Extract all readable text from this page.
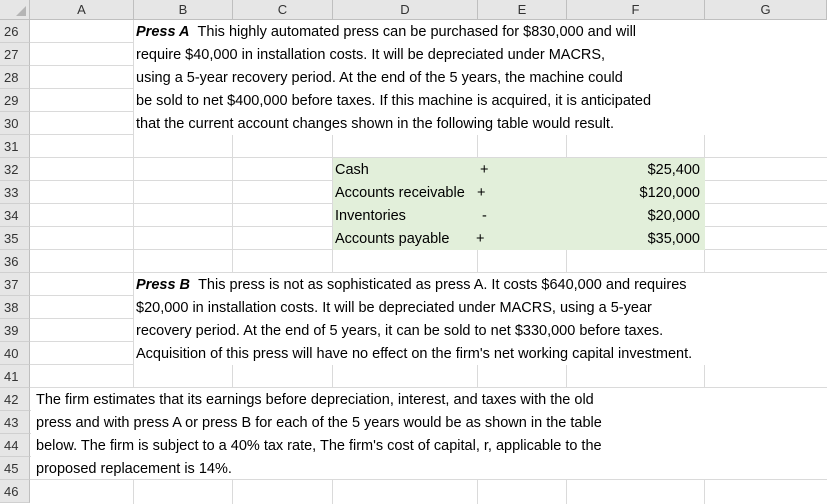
A	B	C	D	E	F	G
26
27
28
29
30
31
32
33
34
35
36
37
38
39
40
41
42
43
44
45
46
Press A This highly automated press can be purchased for $830,000 and will
require $40,000 in installation costs. It will be depreciated under MACRS,
using a 5-year recovery period. At the end of the 5 years, the machine could
be sold to net $400,000 before taxes. If this machine is acquired, it is anticipated
that the current account changes shown in the following table would result.
Cash	+	$25,400
Accounts receivable +	$120,000
Inventories	-	$20,000
Accounts payable +	$35,000
Press B This press is not as sophisticated as press A. It costs $640,000 and requires
$20,000 in installation costs. It will be depreciated under MACRS, using a 5-year
recovery period. At the end of 5 years, it can be sold to net $330,000 before taxes.
Acquisition of this press will have no effect on the firm's net working capital investment.
The firm estimates that its earnings before depreciation, interest, and taxes with the old
press and with press A or press B for each of the 5 years would be as shown in the table
below. The firm is subject to a 40% tax rate, The firm's cost of capital, r, applicable to the
proposed replacement is 14%.
